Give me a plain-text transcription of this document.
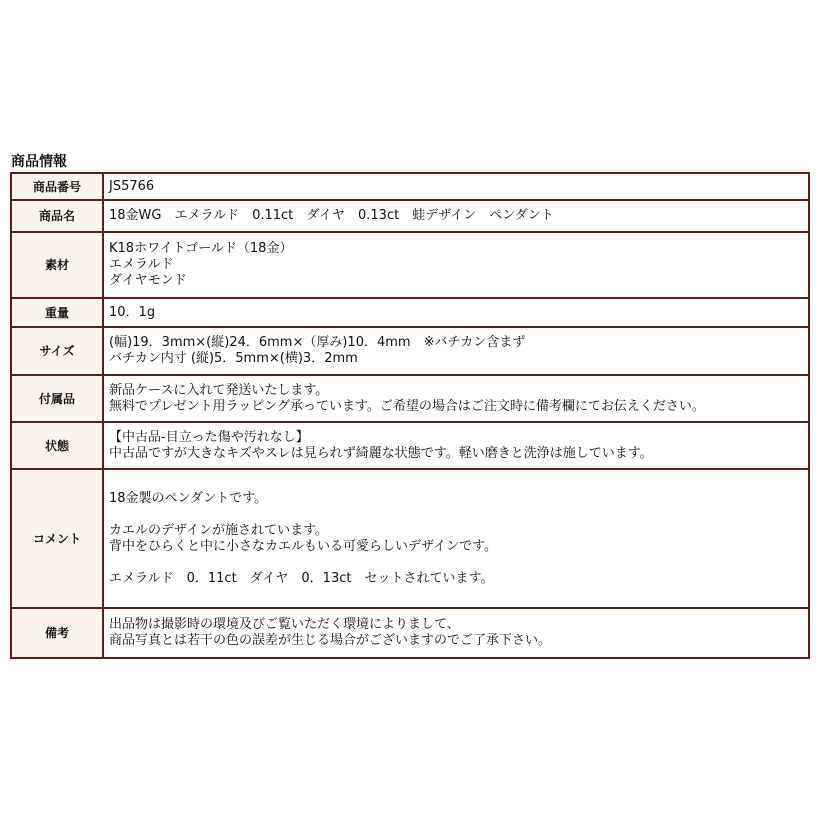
商品情報
商品番号	JS5766

商品名	18金WG　エメラルド　0.11ct　ダイヤ　0.13ct　蛙デザイン　ペンダント

素材	K18ホワイトゴールド（18金）
エメラルド
ダイヤモンド

重量	10．1g

サイズ	(幅)19．3mm×(縦)24．6mm×（厚み)10．4mm　※バチカン含まず
バチカン内寸 (縦)5．5mm×(横)3．2mm

付属品	新品ケースに入れて発送いたします。
無料でプレゼント用ラッピング承っています。ご希望の場合はご注文時に備考欄にてお伝えください。

状態	【中古品-目立った傷や汚れなし】
中古品ですが大きなキズやスレは見られず綺麗な状態です。軽い磨きと洗浄は施しています。

コメント	18金製のペンダントです。

カエルのデザインが施されています。
背中をひらくと中に小さなカエルもいる可愛らしいデザインです。

エメラルド　0．11ct　ダイヤ　0．13ct　セットされています。

備考	出品物は撮影時の環境及びご覧いただく環境によりまして、
商品写真とは若干の色の誤差が生じる場合がございますのでご了承下さい。
